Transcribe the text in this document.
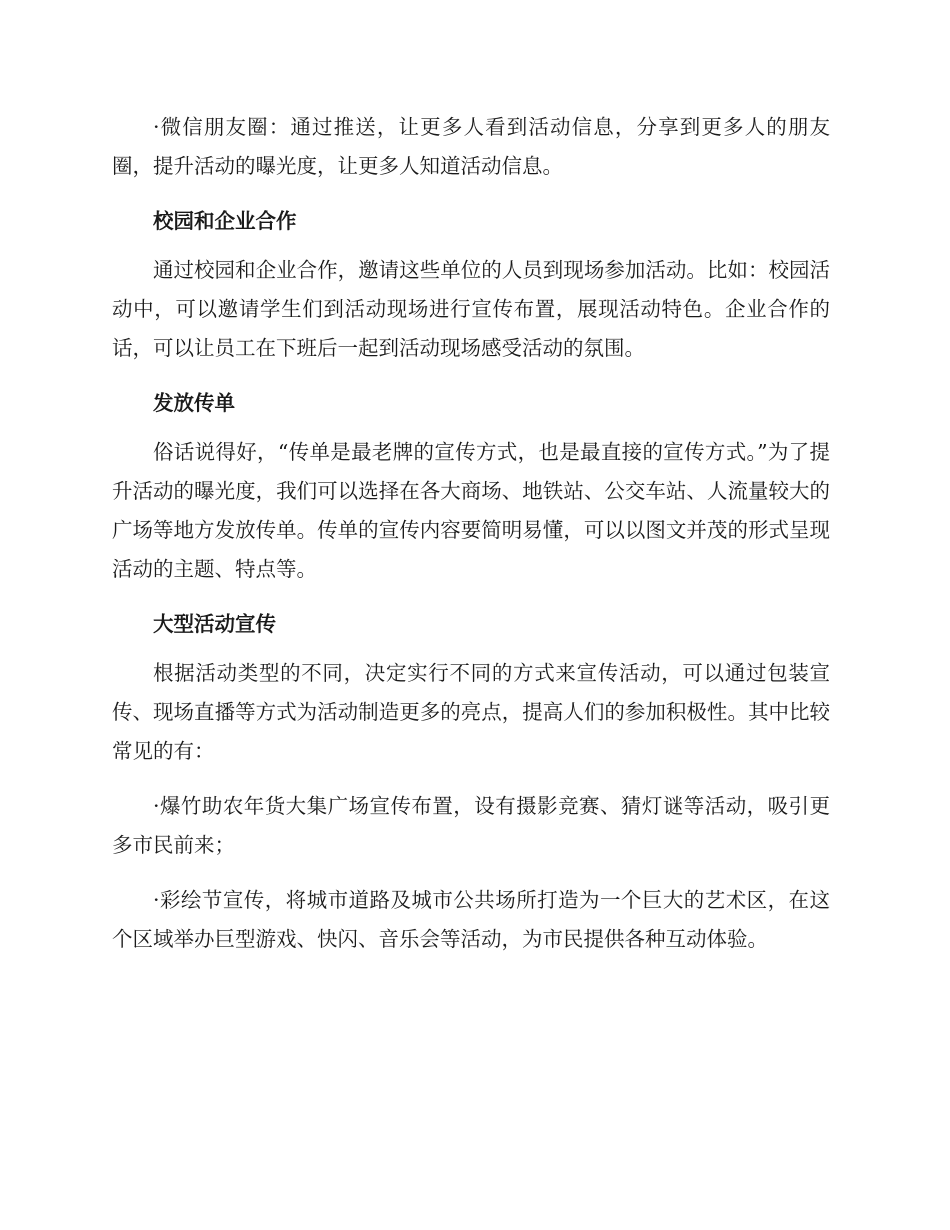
·微信朋友圈：通过推送，让更多人看到活动信息，分享到更多人的朋友圈，提升活动的曝光度，让更多人知道活动信息。

校园和企业合作

通过校园和企业合作，邀请这些单位的人员到现场参加活动。比如：校园活动中，可以邀请学生们到活动现场进行宣传布置，展现活动特色。企业合作的话，可以让员工在下班后一起到活动现场感受活动的氛围。

发放传单

俗话说得好，“传单是最老牌的宣传方式，也是最直接的宣传方式。”为了提升活动的曝光度，我们可以选择在各大商场、地铁站、公交车站、人流量较大的广场等地方发放传单。传单的宣传内容要简明易懂，可以以图文并茂的形式呈现活动的主题、特点等。

大型活动宣传

根据活动类型的不同，决定实行不同的方式来宣传活动，可以通过包装宣传、现场直播等方式为活动制造更多的亮点，提高人们的参加积极性。其中比较常见的有：

·爆竹助农年货大集广场宣传布置，设有摄影竞赛、猜灯谜等活动，吸引更多市民前来；

·彩绘节宣传，将城市道路及城市公共场所打造为一个巨大的艺术区，在这个区域举办巨型游戏、快闪、音乐会等活动，为市民提供各种互动体验。
